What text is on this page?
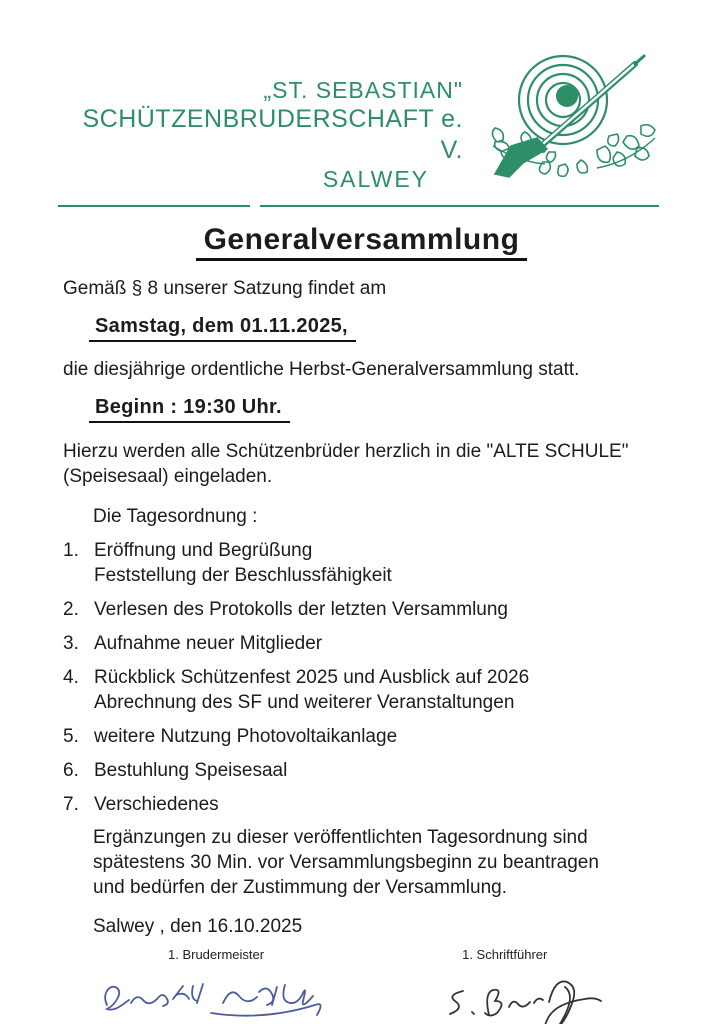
„ST. SEBASTIAN"
SCHÜTZENBRUDERSCHAFT e. V.
SALWEY
Generalversammlung
Gemäß § 8 unserer Satzung findet am
Samstag, dem 01.11.2025,
die diesjährige ordentliche Herbst-Generalversammlung statt.
Beginn : 19:30 Uhr.
Hierzu werden alle Schützenbrüder herzlich in die "ALTE SCHULE"
(Speisesaal) eingeladen.
Die Tagesordnung :
1. Eröffnung und Begrüßung
Feststellung der Beschlussfähigkeit
2. Verlesen des Protokolls der letzten Versammlung
3. Aufnahme neuer Mitglieder
4. Rückblick Schützenfest 2025 und Ausblick auf 2026
Abrechnung des SF und weiterer Veranstaltungen
5. weitere Nutzung Photovoltaikanlage
6. Bestuhlung Speisesaal
7. Verschiedenes
Ergänzungen zu dieser veröffentlichten Tagesordnung sind
spätestens 30 Min. vor Versammlungsbeginn zu beantragen
und bedürfen der Zustimmung der Versammlung.
Salwey , den 16.10.2025
1. Brudermeister	1. Schriftführer
